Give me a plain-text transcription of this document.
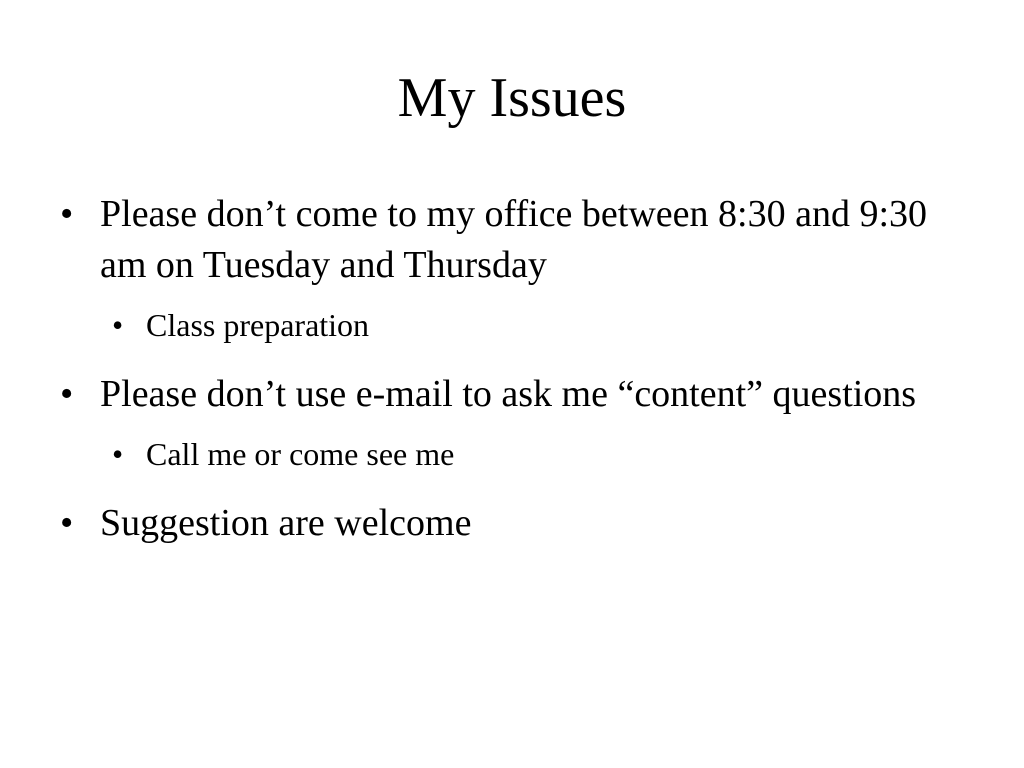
My Issues
• Please don’t come to my office between 8:30 and 9:30 am on Tuesday and Thursday
• Class preparation
• Please don’t use e-mail to ask me “content” questions
• Call me or come see me
• Suggestion are welcome
